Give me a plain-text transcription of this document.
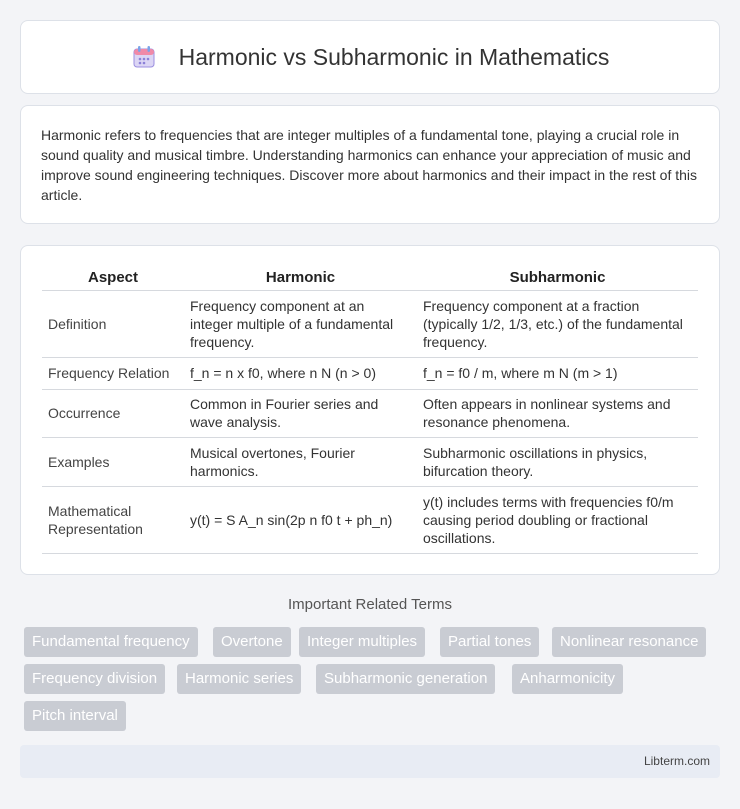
Harmonic vs Subharmonic in Mathematics

Harmonic refers to frequencies that are integer multiples of a fundamental tone, playing a crucial role in sound quality and musical timbre. Understanding harmonics can enhance your appreciation of music and improve sound engineering techniques. Discover more about harmonics and their impact in the rest of this article.

Aspect	Harmonic	Subharmonic
Definition	Frequency component at an integer multiple of a fundamental frequency.	Frequency component at a fraction (typically 1/2, 1/3, etc.) of the fundamental frequency.
Frequency Relation	f_n = n x f0, where n N (n > 0)	f_n = f0 / m, where m N (m > 1)
Occurrence	Common in Fourier series and wave analysis.	Often appears in nonlinear systems and resonance phenomena.
Examples	Musical overtones, Fourier harmonics.	Subharmonic oscillations in physics, bifurcation theory.
Mathematical Representation	y(t) = S A_n sin(2p n f0 t + ph_n)	y(t) includes terms with frequencies f0/m causing period doubling or fractional oscillations.
Important Related Terms
Fundamental frequency	Overtone	Integer multiples	Partial tones	Nonlinear resonance
Frequency division	Harmonic series	Subharmonic generation	Anharmonicity
Pitch interval
Libterm.com
